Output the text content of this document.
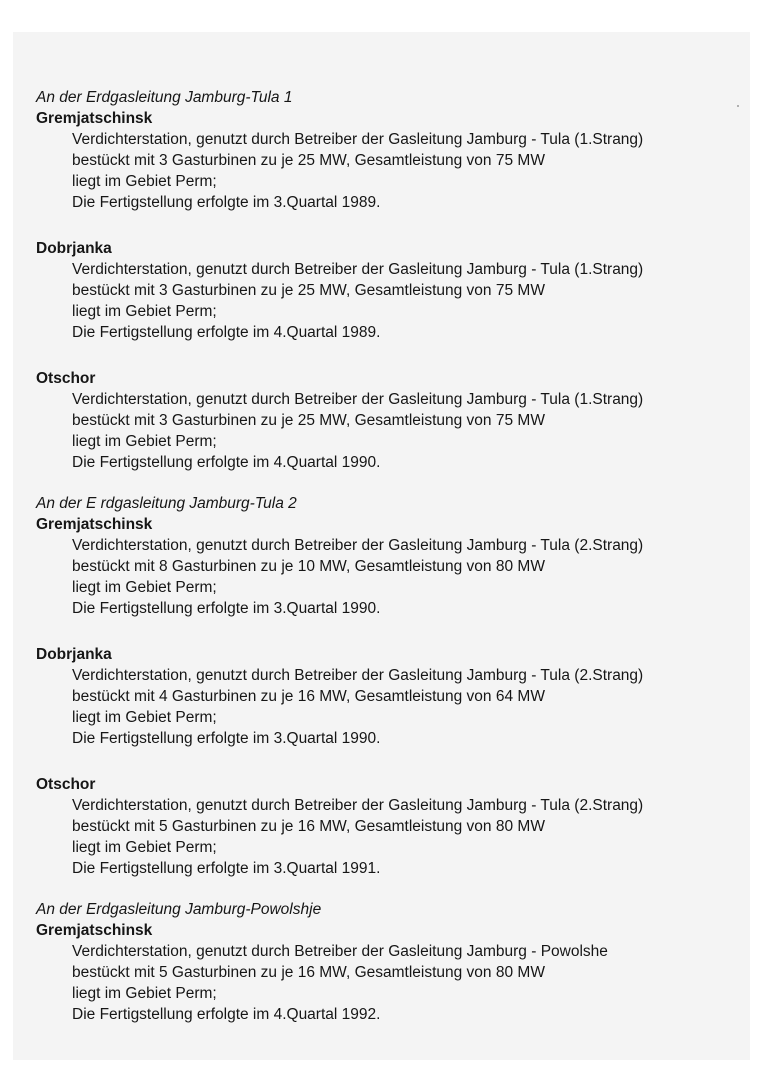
An der Erdgasleitung Jamburg-Tula 1
Gremjatschinsk
Verdichterstation, genutzt durch Betreiber der Gasleitung Jamburg - Tula (1.Strang)
bestückt mit 3 Gasturbinen zu je 25 MW, Gesamtleistung von 75 MW
liegt im Gebiet Perm;
Die Fertigstellung erfolgte im 3.Quartal 1989.
Dobrjanka
Verdichterstation, genutzt durch Betreiber der Gasleitung Jamburg - Tula (1.Strang)
bestückt mit 3 Gasturbinen zu je 25 MW, Gesamtleistung von 75 MW
liegt im Gebiet Perm;
Die Fertigstellung erfolgte im 4.Quartal 1989.
Otschor
Verdichterstation, genutzt durch Betreiber der Gasleitung Jamburg - Tula (1.Strang)
bestückt mit 3 Gasturbinen zu je 25 MW, Gesamtleistung von 75 MW
liegt im Gebiet Perm;
Die Fertigstellung erfolgte im 4.Quartal 1990.
An der E rdgasleitung Jamburg-Tula 2
Gremjatschinsk
Verdichterstation, genutzt durch Betreiber der Gasleitung Jamburg - Tula (2.Strang)
bestückt mit 8 Gasturbinen zu je 10 MW, Gesamtleistung von 80 MW
liegt im Gebiet Perm;
Die Fertigstellung erfolgte im 3.Quartal 1990.
Dobrjanka
Verdichterstation, genutzt durch Betreiber der Gasleitung Jamburg - Tula (2.Strang)
bestückt mit 4 Gasturbinen zu je 16 MW, Gesamtleistung von 64 MW
liegt im Gebiet Perm;
Die Fertigstellung erfolgte im 3.Quartal 1990.
Otschor
Verdichterstation, genutzt durch Betreiber der Gasleitung Jamburg - Tula (2.Strang)
bestückt mit 5 Gasturbinen zu je 16 MW, Gesamtleistung von 80 MW
liegt im Gebiet Perm;
Die Fertigstellung erfolgte im 3.Quartal 1991.
An der Erdgasleitung Jamburg-Powolshje
Gremjatschinsk
Verdichterstation, genutzt durch Betreiber der Gasleitung Jamburg - Powolshe
bestückt mit 5 Gasturbinen zu je 16 MW, Gesamtleistung von 80 MW
liegt im Gebiet Perm;
Die Fertigstellung erfolgte im 4.Quartal 1992.
